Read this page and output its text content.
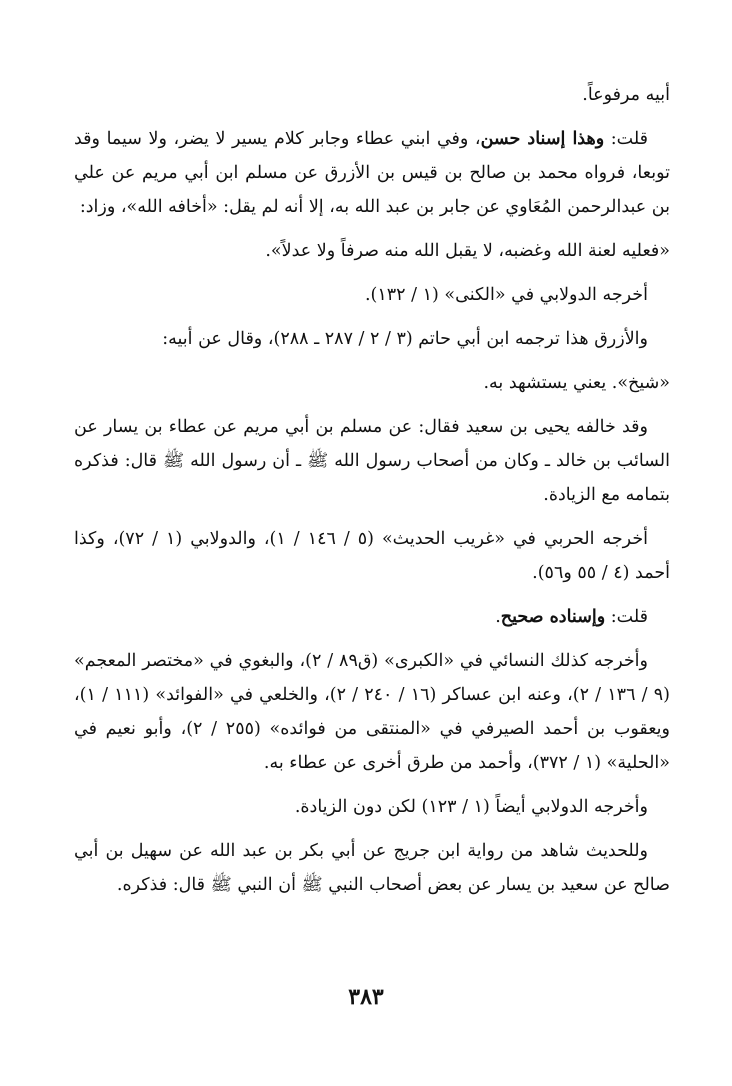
أبيه مرفوعاً.

قلت: وهذا إسناد حسن، وفي ابني عطاء وجابر كلام يسير لا يضر، ولا سيما وقد توبعا، فرواه محمد بن صالح بن قيس بن الأزرق عن مسلم ابن أبي مريم عن علي بن عبدالرحمن المُعَاوي عن جابر بن عبد الله به، إلا أنه لم يقل: «أخافه الله»، وزاد:

«فعليه لعنة الله وغضبه، لا يقبل الله منه صرفاً ولا عدلاً».

أخرجه الدولابي في «الكنى» (١ / ١٣٢).

والأزرق هذا ترجمه ابن أبي حاتم (٣ / ٢ / ٢٨٧ ـ ٢٨٨)، وقال عن أبيه:

«شيخ». يعني يستشهد به.

وقد خالفه يحيى بن سعيد فقال: عن مسلم بن أبي مريم عن عطاء بن يسار عن السائب بن خالد ـ وكان من أصحاب رسول الله ﷺ ـ أن رسول الله ﷺ قال: فذكره بتمامه مع الزيادة.

أخرجه الحربي في «غريب الحديث» (٥ / ١٤٦ / ١)، والدولابي (١ / ٧٢)، وكذا أحمد (٤ / ٥٥ و٥٦).

قلت: وإسناده صحيح.

وأخرجه كذلك النسائي في «الكبرى» (ق٨٩ / ٢)، والبغوي في «مختصر المعجم» (٩ / ١٣٦ / ٢)، وعنه ابن عساكر (١٦ / ٢٤٠ / ٢)، والخلعي في «الفوائد» (١١١ / ١)، ويعقوب بن أحمد الصيرفي في «المنتقى من فوائده» (٢٥٥ / ٢)، وأبو نعيم في «الحلية» (١ / ٣٧٢)، وأحمد من طرق أخرى عن عطاء به.

وأخرجه الدولابي أيضاً (١ / ١٢٣) لكن دون الزيادة.

وللحديث شاهد من رواية ابن جريج عن أبي بكر بن عبد الله عن سهيل بن أبي صالح عن سعيد بن يسار عن بعض أصحاب النبي ﷺ أن النبي ﷺ قال: فذكره.

٣٨٣
